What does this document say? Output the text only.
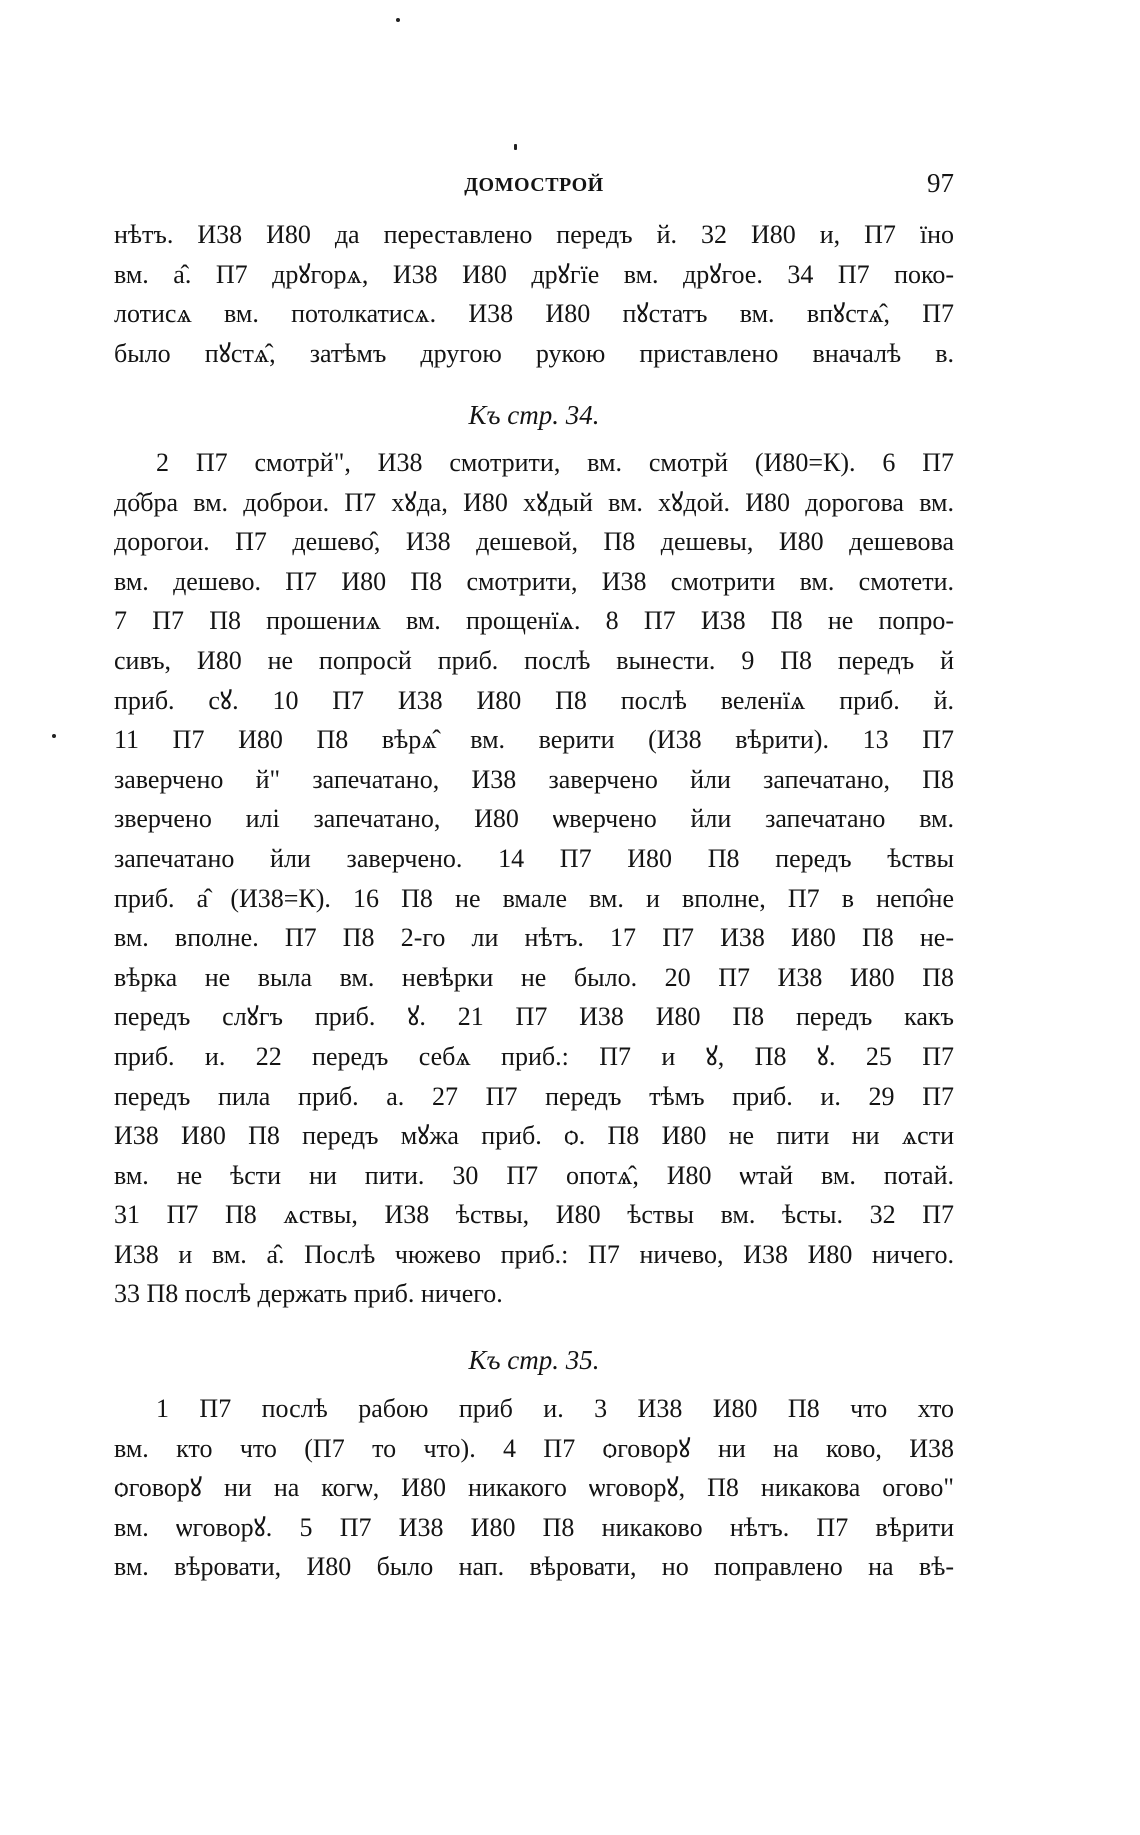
ДОМОСТРОЙ	97
нѣтъ. И38 И80 да переставлено передъ й. 32 И80 и, П7 їно
вм. а̂. П7 дрꙋгорѧ, И38 И80 дрꙋгїе вм. дрꙋгое. 34 П7 поко-
лотисѧ вм. потолкатисѧ. И38 И80 пꙋстатъ вм. впꙋстѧ̂, П7
было пꙋстѧ̂, затѣмъ другою рукою приставлено вначалѣ в.
Къ стр. 34.
2 П7 смотрй", И38 смотрити, вм. смотрй (И80=К). 6 П7
до̂бра вм. доброи. П7 хꙋда, И80 хꙋдый вм. хꙋдой. И80 дорогова вм.
дорогои. П7 дешево̂, И38 дешевой, П8 дешевы, И80 дешевова
вм. дешево. П7 И80 П8 смотрити, И38 смотрити вм. смотети.
7 П7 П8 прошениѧ вм. прощенїѧ. 8 П7 И38 П8 не попро-
сивъ, И80 не попросй приб. послѣ вынести. 9 П8 передъ й
приб. сꙋ. 10 П7 И38 И80 П8 послѣ веленїѧ приб. й.
11 П7 И80 П8 вѣрѧ̂ вм. верити (И38 вѣрити). 13 П7
заверчено й" запечатано, И38 заверчено йли запечатано, П8
зверчено илі запечатано, И80 ѡверчено йли запечатано вм.
запечатано йли заверчено. 14 П7 И80 П8 передъ ѣствы
приб. а̂ (И38=К). 16 П8 не вмале вм. и вполне, П7 в непо̂не
вм. вполне. П7 П8 2-го ли нѣтъ. 17 П7 И38 И80 П8 не-
вѣрка не выла вм. невѣрки не было. 20 П7 И38 И80 П8
передъ слꙋгъ приб. ꙋ. 21 П7 И38 И80 П8 передъ какъ
приб. и. 22 передъ себѧ приб.: П7 и ꙋ, П8 ꙋ. 25 П7
передъ пила приб. а. 27 П7 передъ тѣмъ приб. и. 29 П7
И38 И80 П8 передъ мꙋжа приб. ѻ. П8 И80 не пити ни ѧсти
вм. не ѣсти ни пити. 30 П7 опотѧ̂, И80 ѡтай вм. потай.
31 П7 П8 ѧствы, И38 ѣствы, И80 ѣствы вм. ѣсты. 32 П7
И38 и вм. а̂. Послѣ чюжево приб.: П7 ничево, И38 И80 ничего.
33 П8 послѣ держать приб. ничего.
Къ стр. 35.
1 П7 послѣ рабою приб и. 3 И38 И80 П8 что хто
вм. кто что (П7 то что). 4 П7 ѻговорꙋ ни на ково, И38
ѻговорꙋ ни на когѡ, И80 никакого ѡговорꙋ, П8 никакова огово"
вм. ѡговорꙋ. 5 П7 И38 И80 П8 никаково нѣтъ. П7 вѣрити
вм. вѣровати, И80 было нап. вѣровати, но поправлено на вѣ-
